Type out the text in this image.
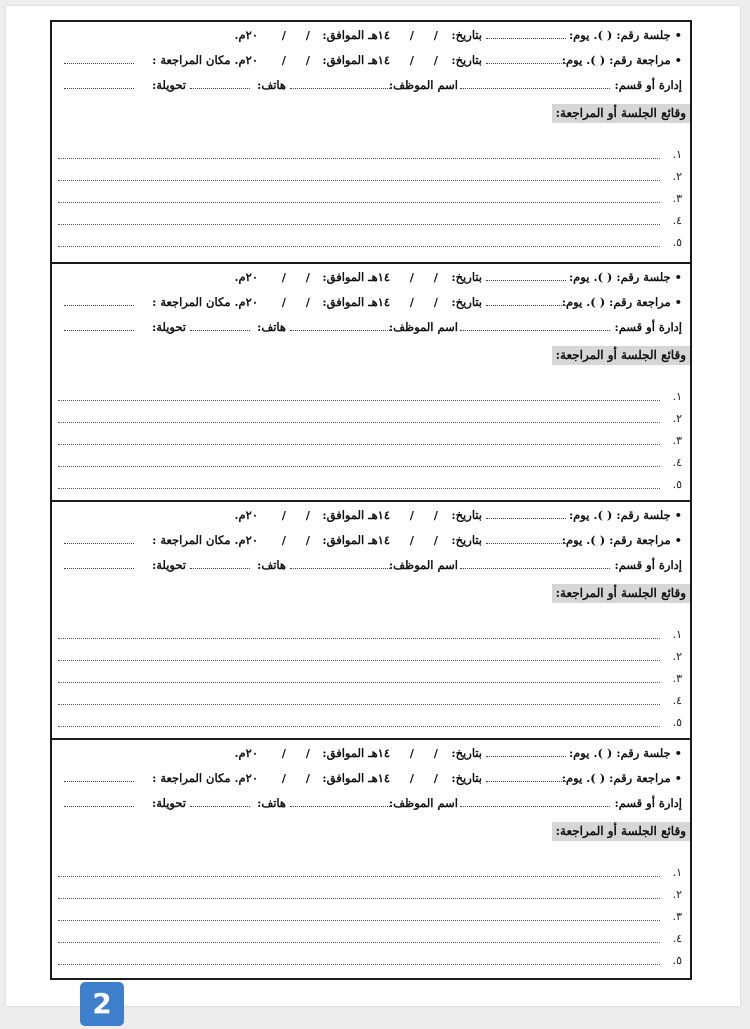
• جلسة رقم: ( ). يوم:
بتاريخ:
/
/
١٤هـ الموافق:
/
/
٢٠م.
• مراجعة رقم: ( ). يوم:
بتاريخ:
/
/
١٤هـ الموافق:
/
/
٢٠م. مكان المراجعة :
إدارة أو قسم:
اسم الموظف:
هاتف:
تحويلة:
وقائع الجلسة أو المراجعة:
١.
٢.
٣.
٤.
٥.
• جلسة رقم: ( ). يوم:
بتاريخ:
/
/
١٤هـ الموافق:
/
/
٢٠م.
• مراجعة رقم: ( ). يوم:
بتاريخ:
/
/
١٤هـ الموافق:
/
/
٢٠م. مكان المراجعة :
إدارة أو قسم:
اسم الموظف:
هاتف:
تحويلة:
وقائع الجلسة أو المراجعة:
١.
٢.
٣.
٤.
٥.
• جلسة رقم: ( ). يوم:
بتاريخ:
/
/
١٤هـ الموافق:
/
/
٢٠م.
• مراجعة رقم: ( ). يوم:
بتاريخ:
/
/
١٤هـ الموافق:
/
/
٢٠م. مكان المراجعة :
إدارة أو قسم:
اسم الموظف:
هاتف:
تحويلة:
وقائع الجلسة أو المراجعة:
١.
٢.
٣.
٤.
٥.
• جلسة رقم: ( ). يوم:
بتاريخ:
/
/
١٤هـ الموافق:
/
/
٢٠م.
• مراجعة رقم: ( ). يوم:
بتاريخ:
/
/
١٤هـ الموافق:
/
/
٢٠م. مكان المراجعة :
إدارة أو قسم:
اسم الموظف:
هاتف:
تحويلة:
وقائع الجلسة أو المراجعة:
١.
٢.
٣.
٤.
٥.
2
